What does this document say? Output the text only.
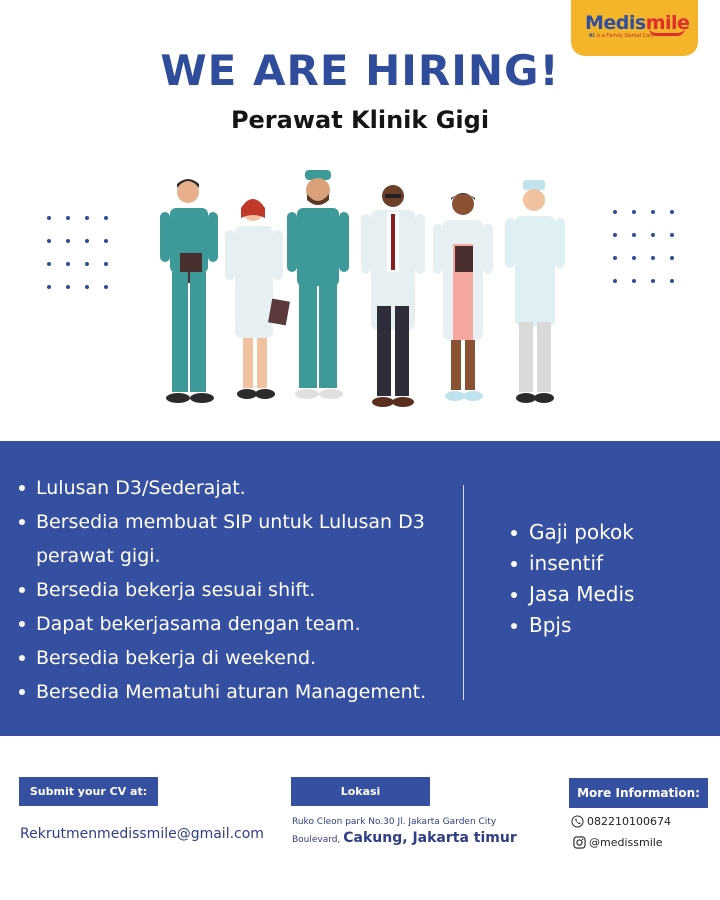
Medismile
Ki is a Family Dental Care
WE ARE HIRING!
Perawat Klinik Gigi
Lulusan D3/Sederajat.
Bersedia membuat SIP untuk Lulusan D3 perawat gigi.
Bersedia bekerja sesuai shift.
Dapat bekerjasama dengan team.
Bersedia bekerja di weekend.
Bersedia Mematuhi aturan Management.
Gaji pokok
insentif
Jasa Medis
Bpjs
Submit your CV at:	Lokasi	More Information:
Rekrutmenmedissmile@gmail.com
Ruko Cleon park No.30 Jl. Jakarta Garden City
Boulevard, Cakung, Jakarta timur
082210100674
@medissmile
